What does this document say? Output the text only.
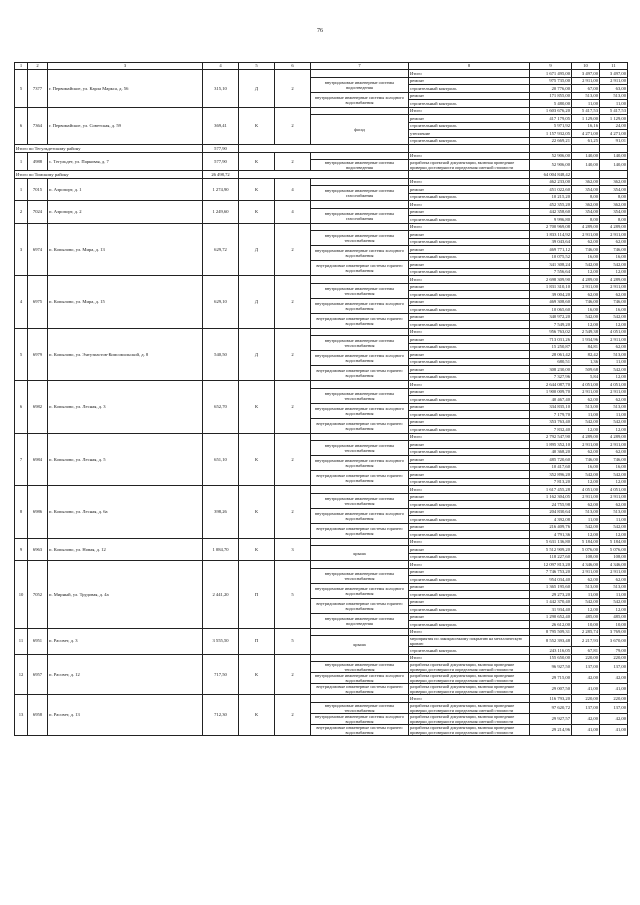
76
1	2	3	4	5	6	7	8	9	10	11
5	7377	г. Первомайское, ул. Карла Маркса, д. 56	315,10	Д	2		Итого	1 671 495,00	3 497,00	3 497,00
						внутридомовые инженерные системы водоотведения	ремонт	975 735,00	2 911,00	2 911,00
							строительный контроль	20 776,00	67,00	63,00
						внутридомовые инженерные системы холодного водоснабжения	ремонт	171 855,00	513,00	513,00
							строительный контроль	5 480,00	11,00	11,00
6	7364	г. Первомайское, ул. Советская, д. 59	369,41	К	2		Итого	1 603 676,20	5 417,53	5 417,53
						фасад	ремонт	417 179,05	1 129,00	1 129,00
							строительный контроль	5 971,92	16,16	24,00
							утепление	1 157 932,05	4 271,00	4 271,00
							строительный контроль	22 669,21	61,25	91,01
Итого по Тегульдетскому району			577,90							
1	4988	с. Тегульдет, ул. Парковая, д. 7	577,90	К	2		Итого	52 906,00	140,00	140,00
						внутридомовые инженерные системы водоотведения	разработка проектной документации, включая проведение проверки достоверности определения сметной стоимости	52 906,00	140,00	140,00
Итого по Томскому району			26 498,72					64 004 848,42		
1	7015	п. Аэропорт, д. 1	1 274,90	К	4		Итого	462 233,00	362,00	362,00
						внутридомовые инженерные системы газоснабжения	ремонт	451 022,60	354,00	354,00
							строительный контроль	10 215,20	8,00	8,00
2	7024	п. Аэропорт, д. 2	1 249,60	К	4		Итого	452 355,20	362,00	362,00
						внутридомовые инженерные системы газоснабжения	ремонт	442 358,60	354,00	354,00
							строительный контроль	9 996,80	8,00	8,00
3	6974	п. Копылово, ул. Мира, д. 13	629,72	Д	2		Итого	2 700 969,08	4 289,00	4 289,00
						внутридомовые инженерные системы теплоснабжения	ремонт	1 833 114,92	2 911,00	2 911,00
							строительный контроль	39 043,64	62,00	62,00
						внутридомовые инженерные системы холодного водоснабжения	ремонт	469 771,12	746,00	746,00
							строительный контроль	10 075,52	16,00	16,00
						внутридомовые инженерные системы горячего водоснабжения	ремонт	341 308,24	542,00	542,00
							строительный контроль	7 556,64	12,00	12,00
4	6975	п. Копылово, ул. Мира, д. 15	629,10	Д	2		Итого	2 698 309,90	4 289,00	4 289,00
						внутридомовые инженерные системы теплоснабжения	ремонт	1 831 310,10	2 911,00	2 911,00
							строительный контроль	39 004,20	62,00	62,00
						внутридомовые инженерные системы холодного водоснабжения	ремонт	469 308,60	746,00	746,00
							строительный контроль	10 065,60	16,00	16,00
						внутридомовые инженерные системы горячего водоснабжения	ремонт	340 972,20	542,00	542,00
							строительный контроль	7 549,20	12,00	12,00
5	6979	п. Копылово, ул. Энтузиастов-Комсомольской, д. 8	540,50	Д	2		Итого	956 763,02	2 549,38	4 051,00
						внутридомовые инженерные системы теплоснабжения	ремонт	713 031,26	1 934,96	2 911,00
							строительный контроль	15 250,87	84,81	62,00
						внутридомовые инженерные системы холодного водоснабжения	ремонт	28 061,42	82,42	513,00
							строительный контроль	680,51	1,36	11,00
						внутридомовые инженерные системы горячего водоснабжения	ремонт	308 230,00	509,68	542,00
							строительный контроль	7 327,96	5,84	12,00
6	6982	п. Копылово, ул. Лесная, д. 3	652,70	К	2		Итого	2 644 087,70	4 051,00	4 051,00
						внутридомовые инженерные системы теплоснабжения	ремонт	1 900 009,70	2 911,00	2 911,00
							строительный контроль	40 467,40	62,00	62,00
						внутридомовые инженерные системы холодного водоснабжения	ремонт	334 835,10	513,00	513,00
							строительный контроль	7 179,70	11,00	11,00
						внутридомовые инженерные системы горячего водоснабжения	ремонт	353 763,40	542,00	542,00
							строительный контроль	7 832,40	12,00	12,00
7	6984	п. Копылово, ул. Лесная, д. 5	651,10	К	2		Итого	2 792 547,90	4 289,00	4 289,00
						внутридомовые инженерные системы теплоснабжения	ремонт	1 895 352,10	2 911,00	2 911,00
							строительный контроль	40 368,20	62,00	62,00
						внутридомовые инженерные системы холодного водоснабжения	ремонт	485 720,60	746,00	746,00
							строительный контроль	10 417,60	16,00	16,00
						внутридомовые инженерные системы горячего водоснабжения	ремонт	352 896,20	542,00	542,00
							строительный контроль	7 813,20	12,00	12,00
8	6986	п. Копылово, ул. Лесная, д. 6а	398,26	К	2		Итого	1 617 455,28	4 051,00	4 051,00
						внутридомовые инженерные системы теплоснабжения	ремонт	1 162 304,05	2 911,00	2 911,00
							строительный контроль	24 755,98	62,00	62,00
						внутридомовые инженерные системы холодного водоснабжения	ремонт	204 830,64	513,00	513,00
							строительный контроль	4 392,08	11,00	11,00
						внутридомовые инженерные системы горячего водоснабжения	ремонт	216 409,76	542,00	542,00
							строительный контроль	4 791,36	12,00	12,00
9	6963	п. Копылово, ул. Новая, д. 12	1 084,70	К	3		Итого	5 631 136,80	5 184,00	5 184,00
						крыша	ремонт	5 512 909,20	5 076,00	5 076,00
							строительный контроль	118 227,60	108,00	108,00
10	7052	п. Мирный, ул. Трудовая, д. 4а	2 441,20	П	5		Итого	12 097 813,20	4 346,00	4 346,00
						внутридомовые инженерные системы теплоснабжения	ремонт	7 746 753,20	2 911,00	2 911,00
							строительный контроль	954 034,40	62,00	62,00
						внутридомовые инженерные системы холодного водоснабжения	ремонт	1 365 195,60	513,00	513,00
							строительный контроль	29 273,20	11,00	11,00
						внутридомовые инженерные системы горячего водоснабжения	ремонт	1 442 370,40	542,00	542,00
							строительный контроль	31 934,40	12,00	12,00
						внутридомовые инженерные системы водоотведения	ремонт	1 290 652,40	485,00	485,00
							строительный контроль	26 612,00	10,00	10,00
11	6951	п. Рассвет, д. 3	3 555,50	П	5		Итого	8 795 509,31	2 285,74	3 769,00
						крыша	мероприятия по лакокрасочному покрытию на металлическую кровлю	8 552 393,48	2 217,93	3 670,00
							строительный контроль	243 116,05	67,81	79,00
12	6957	п. Рассвет, д. 12	717,50	К	2		Итого	155 650,00	220,00	220,00
						внутридомовые инженерные системы теплоснабжения	разработка проектной документации, включая проведение проверки достоверности определения сметной стоимости	96 927,50	137,00	137,00
						внутридомовые инженерные системы холодного водоснабжения	разработка проектной документации, включая проведение проверки достоверности определения сметной стоимости	29 715,00	42,00	42,00
						внутридомовые инженерные системы горячего водоснабжения	разработка проектной документации, включая проведение проверки достоверности определения сметной стоимости	29 007,50	41,00	41,00
13	6958	п. Рассвет, д. 13	712,30	К	2		Итого	116 793,20	220,00	220,00
						внутридомовые инженерные системы теплоснабжения	разработка проектной документации, включая проведение проверки достоверности определения сметной стоимости	97 620,72	137,00	137,00
						внутридомовые инженерные системы холодного водоснабжения	разработка проектной документации, включая проведение проверки достоверности определения сметной стоимости	29 927,57	42,00	42,00
						внутридомовые инженерные системы горячего водоснабжения	разработка проектной документации, включая проведение проверки достоверности определения сметной стоимости	29 214,96	41,00	41,00
